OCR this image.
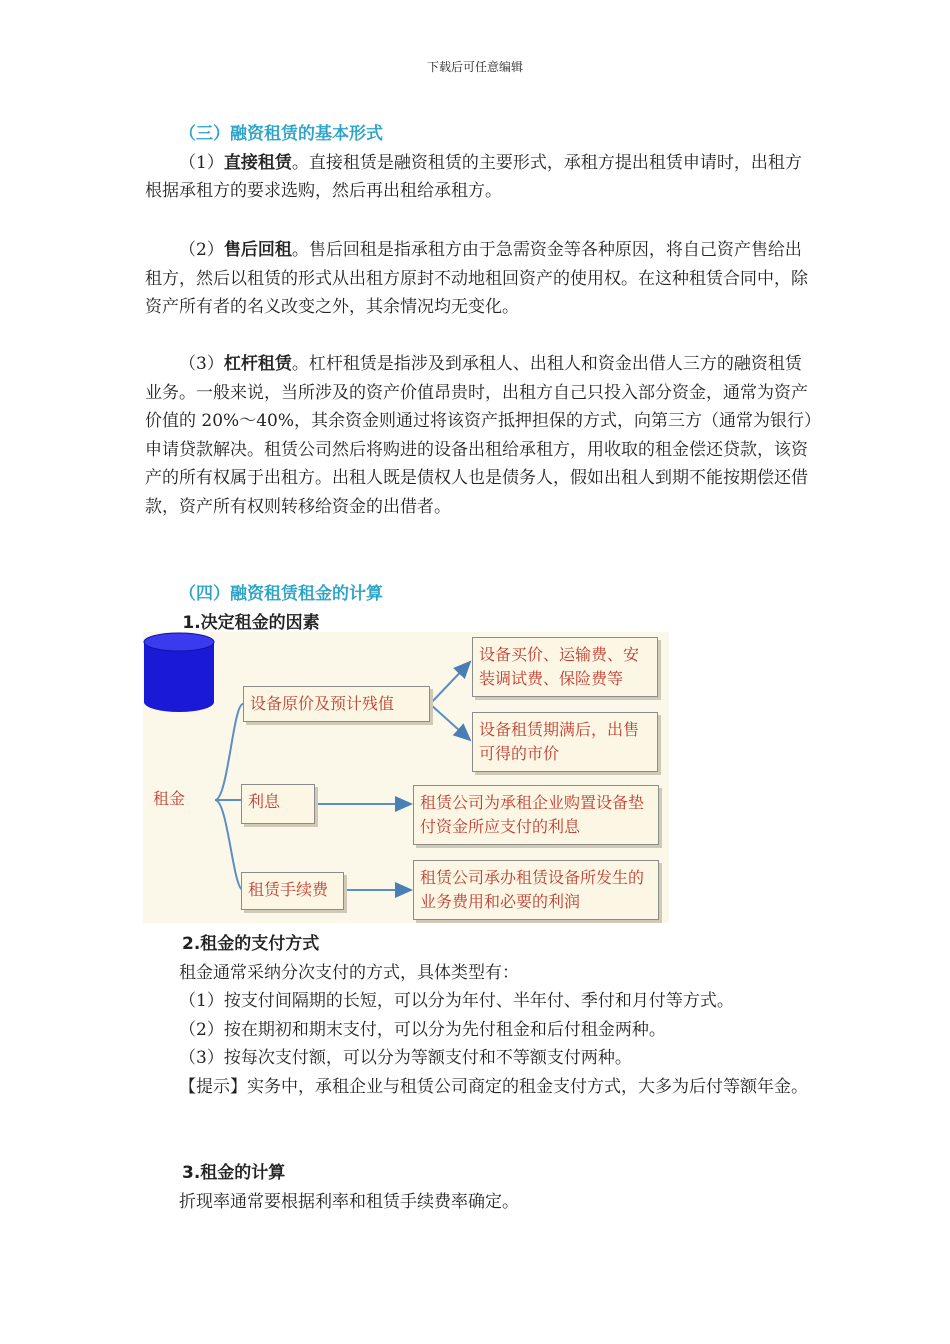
下载后可任意编辑

（三）融资租赁的基本形式

（1）直接租赁。直接租赁是融资租赁的主要形式，承租方提出租赁申请时，出租方根据承租方的要求选购，然后再出租给承租方。

（2）售后回租。售后回租是指承租方由于急需资金等各种原因，将自己资产售给出租方，然后以租赁的形式从出租方原封不动地租回资产的使用权。在这种租赁合同中，除资产所有者的名义改变之外，其余情况均无变化。

（3）杠杆租赁。杠杆租赁是指涉及到承租人、出租人和资金出借人三方的融资租赁业务。一般来说，当所涉及的资产价值昂贵时，出租方自己只投入部分资金，通常为资产价值的 20%～40%，其余资金则通过将该资产抵押担保的方式，向第三方（通常为银行）申请贷款解决。租赁公司然后将购进的设备出租给承租方，用收取的租金偿还贷款，该资产的所有权属于出租方。出租人既是债权人也是债务人，假如出租人到期不能按期偿还借款，资产所有权则转移给资金的出借者。

（四）融资租赁租金的计算

1.决定租金的因素

租金
设备原价及预计残值
设备买价、运输费、安装调试费、保险费等
设备租赁期满后，出售可得的市价
利息	租赁公司为承租企业购置设备垫付资金所应支付的利息
租赁手续费
租赁公司承办租赁设备所发生的业务费用和必要的利润

2.租金的支付方式

租金通常采纳分次支付的方式，具体类型有：

（1）按支付间隔期的长短，可以分为年付、半年付、季付和月付等方式。

（2）按在期初和期末支付，可以分为先付租金和后付租金两种。

（3）按每次支付额，可以分为等额支付和不等额支付两种。

【提示】实务中，承租企业与租赁公司商定的租金支付方式，大多为后付等额年金。

3.租金的计算

折现率通常要根据利率和租赁手续费率确定。
